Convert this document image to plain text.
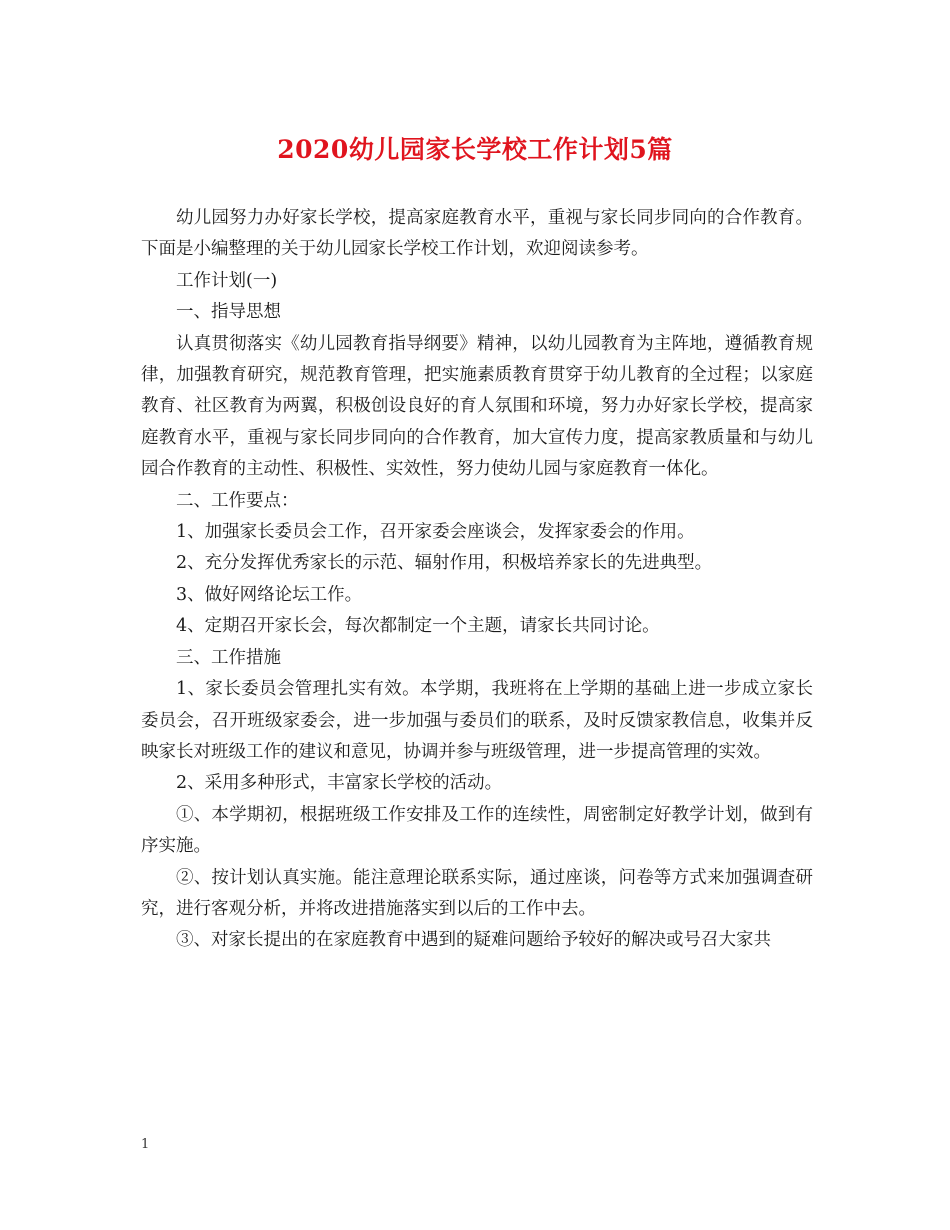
2020幼儿园家长学校工作计划5篇

幼儿园努力办好家长学校，提高家庭教育水平，重视与家长同步同向的合作教育。下面是小编整理的关于幼儿园家长学校工作计划，欢迎阅读参考。

工作计划(一)

一、指导思想

认真贯彻落实《幼儿园教育指导纲要》精神，以幼儿园教育为主阵地，遵循教育规律，加强教育研究，规范教育管理，把实施素质教育贯穿于幼儿教育的全过程；以家庭教育、社区教育为两翼，积极创设良好的育人氛围和环境，努力办好家长学校，提高家庭教育水平，重视与家长同步同向的合作教育，加大宣传力度，提高家教质量和与幼儿园合作教育的主动性、积极性、实效性，努力使幼儿园与家庭教育一体化。

二、工作要点：

1、加强家长委员会工作，召开家委会座谈会，发挥家委会的作用。

2、充分发挥优秀家长的示范、辐射作用，积极培养家长的先进典型。

3、做好网络论坛工作。

4、定期召开家长会，每次都制定一个主题，请家长共同讨论。

三、工作措施

1、家长委员会管理扎实有效。本学期，我班将在上学期的基础上进一步成立家长委员会，召开班级家委会，进一步加强与委员们的联系，及时反馈家教信息，收集并反映家长对班级工作的建议和意见，协调并参与班级管理，进一步提高管理的实效。

2、采用多种形式，丰富家长学校的活动。

①、本学期初，根据班级工作安排及工作的连续性，周密制定好教学计划，做到有序实施。

②、按计划认真实施。能注意理论联系实际，通过座谈，问卷等方式来加强调查研究，进行客观分析，并将改进措施落实到以后的工作中去。

③、对家长提出的在家庭教育中遇到的疑难问题给予较好的解决或号召大家共

1
